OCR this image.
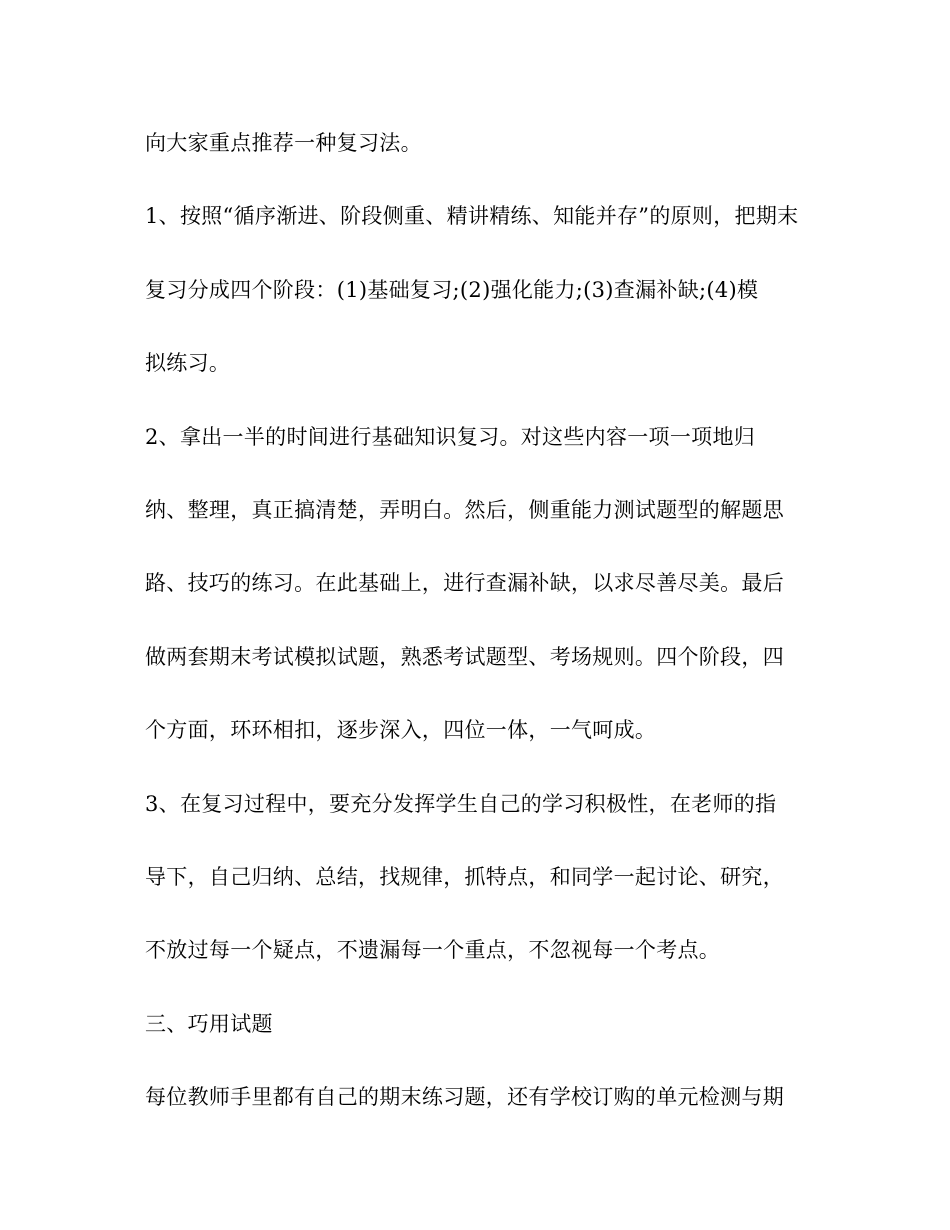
向大家重点推荐一种复习法。
1、按照“循序渐进、阶段侧重、精讲精练、知能并存”的原则，把期末
复习分成四个阶段：(1)基础复习;(2)强化能力;(3)查漏补缺;(4)模
拟练习。
2、拿出一半的时间进行基础知识复习。对这些内容一项一项地归
纳、整理，真正搞清楚，弄明白。然后，侧重能力测试题型的解题思
路、技巧的练习。在此基础上，进行查漏补缺，以求尽善尽美。最后
做两套期末考试模拟试题，熟悉考试题型、考场规则。四个阶段，四
个方面，环环相扣，逐步深入，四位一体，一气呵成。
3、在复习过程中，要充分发挥学生自己的学习积极性，在老师的指
导下，自己归纳、总结，找规律，抓特点，和同学一起讨论、研究，
不放过每一个疑点，不遗漏每一个重点，不忽视每一个考点。
三、巧用试题
每位教师手里都有自己的期末练习题，还有学校订购的单元检测与期
